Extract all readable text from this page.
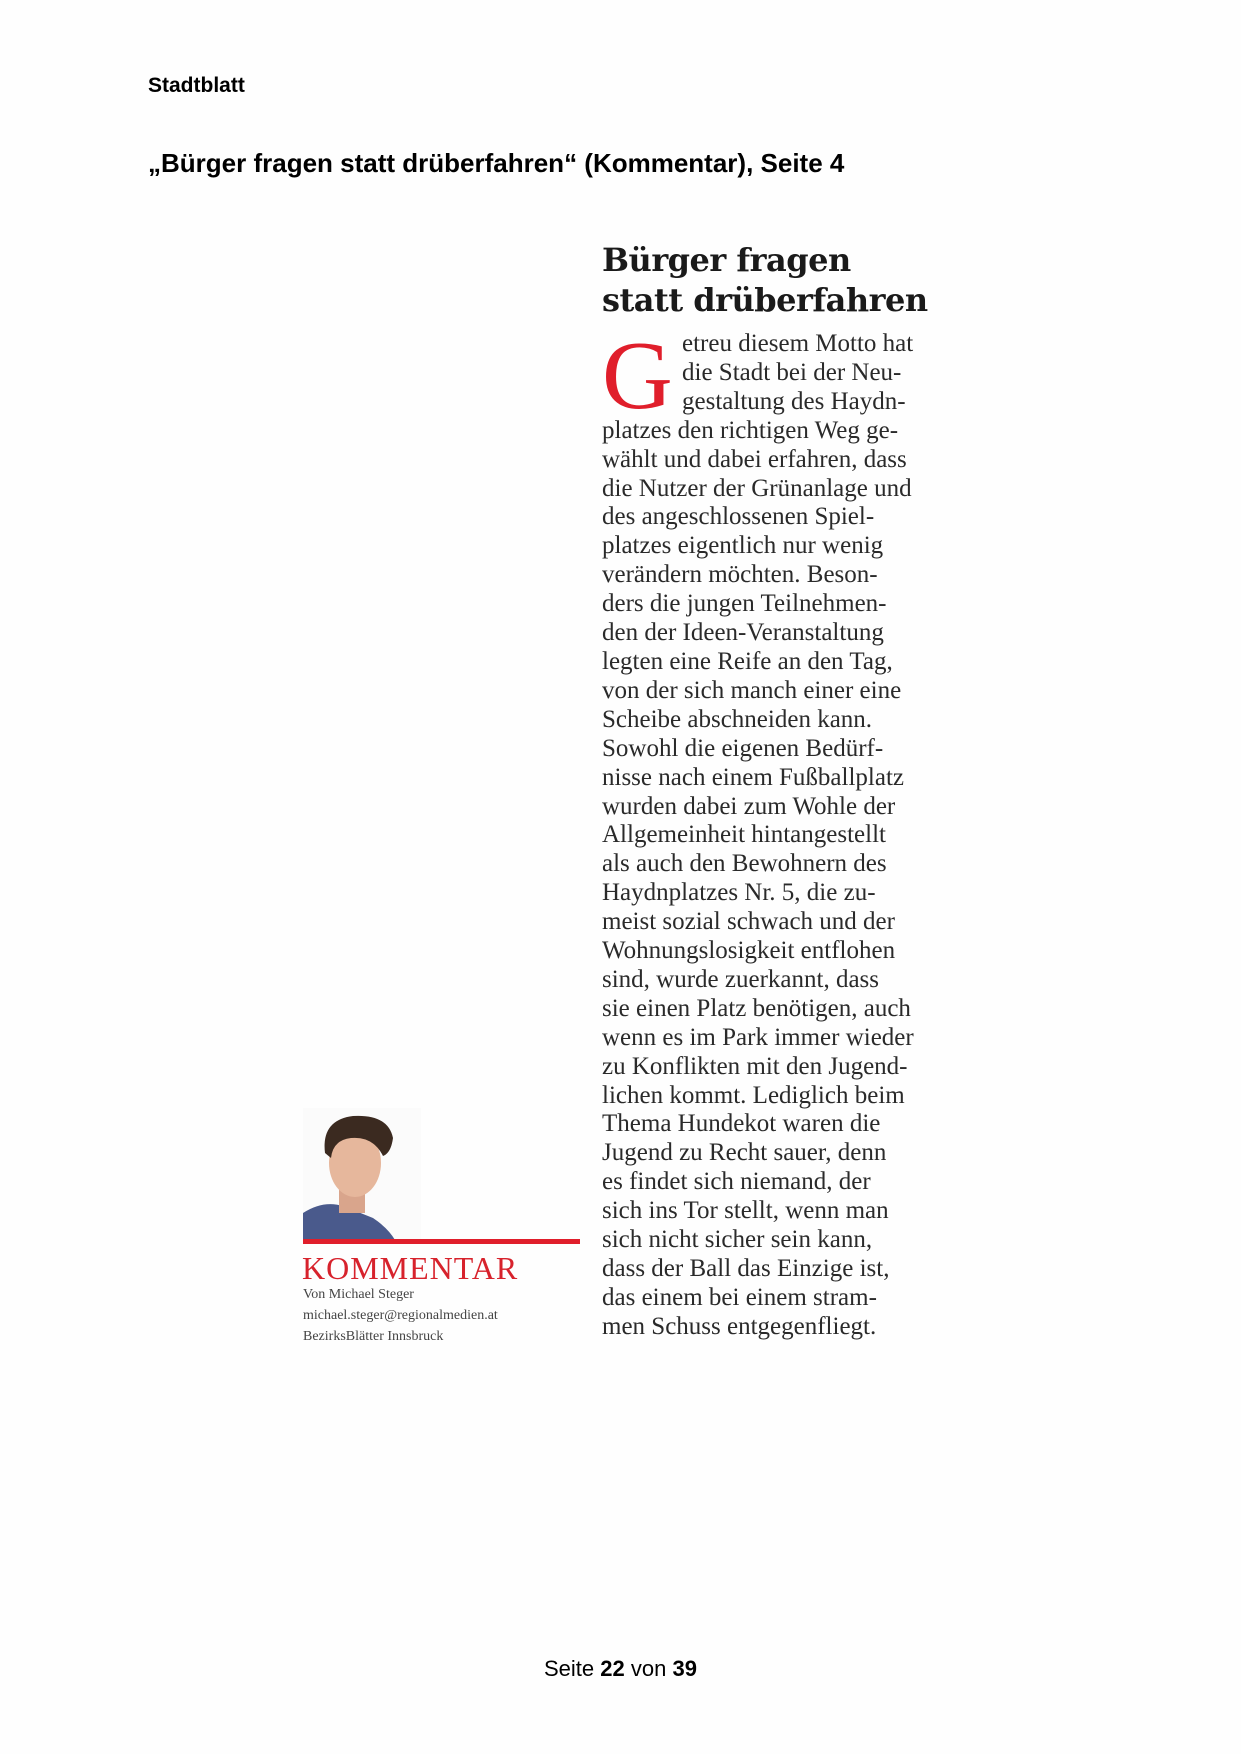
Stadtblatt
„Bürger fragen statt drüberfahren“ (Kommentar), Seite 4
Bürger fragen
statt drüberfahren
G etreu diesem Motto hat
die Stadt bei der Neu-
gestaltung des Haydn-
platzes den richtigen Weg ge-
wählt und dabei erfahren, dass
die Nutzer der Grünanlage und
des angeschlossenen Spiel-
platzes eigentlich nur wenig
verändern möchten. Beson-
ders die jungen Teilnehmen-
den der Ideen-Veranstaltung
legten eine Reife an den Tag,
von der sich manch einer eine
Scheibe abschneiden kann.
Sowohl die eigenen Bedürf-
nisse nach einem Fußballplatz
wurden dabei zum Wohle der
Allgemeinheit hintangestellt
als auch den Bewohnern des
Haydnplatzes Nr. 5, die zu-
meist sozial schwach und der
Wohnungslosigkeit entflohen
sind, wurde zuerkannt, dass
sie einen Platz benötigen, auch
wenn es im Park immer wieder
zu Konflikten mit den Jugend-
lichen kommt. Lediglich beim
Thema Hundekot waren die
Jugend zu Recht sauer, denn
es findet sich niemand, der
sich ins Tor stellt, wenn man
sich nicht sicher sein kann,
dass der Ball das Einzige ist,
das einem bei einem stram-
men Schuss entgegenfliegt.
KOMMENTAR
Von Michael Steger
michael.steger@regionalmedien.at
BezirksBlätter Innsbruck
Seite 22 von 39
